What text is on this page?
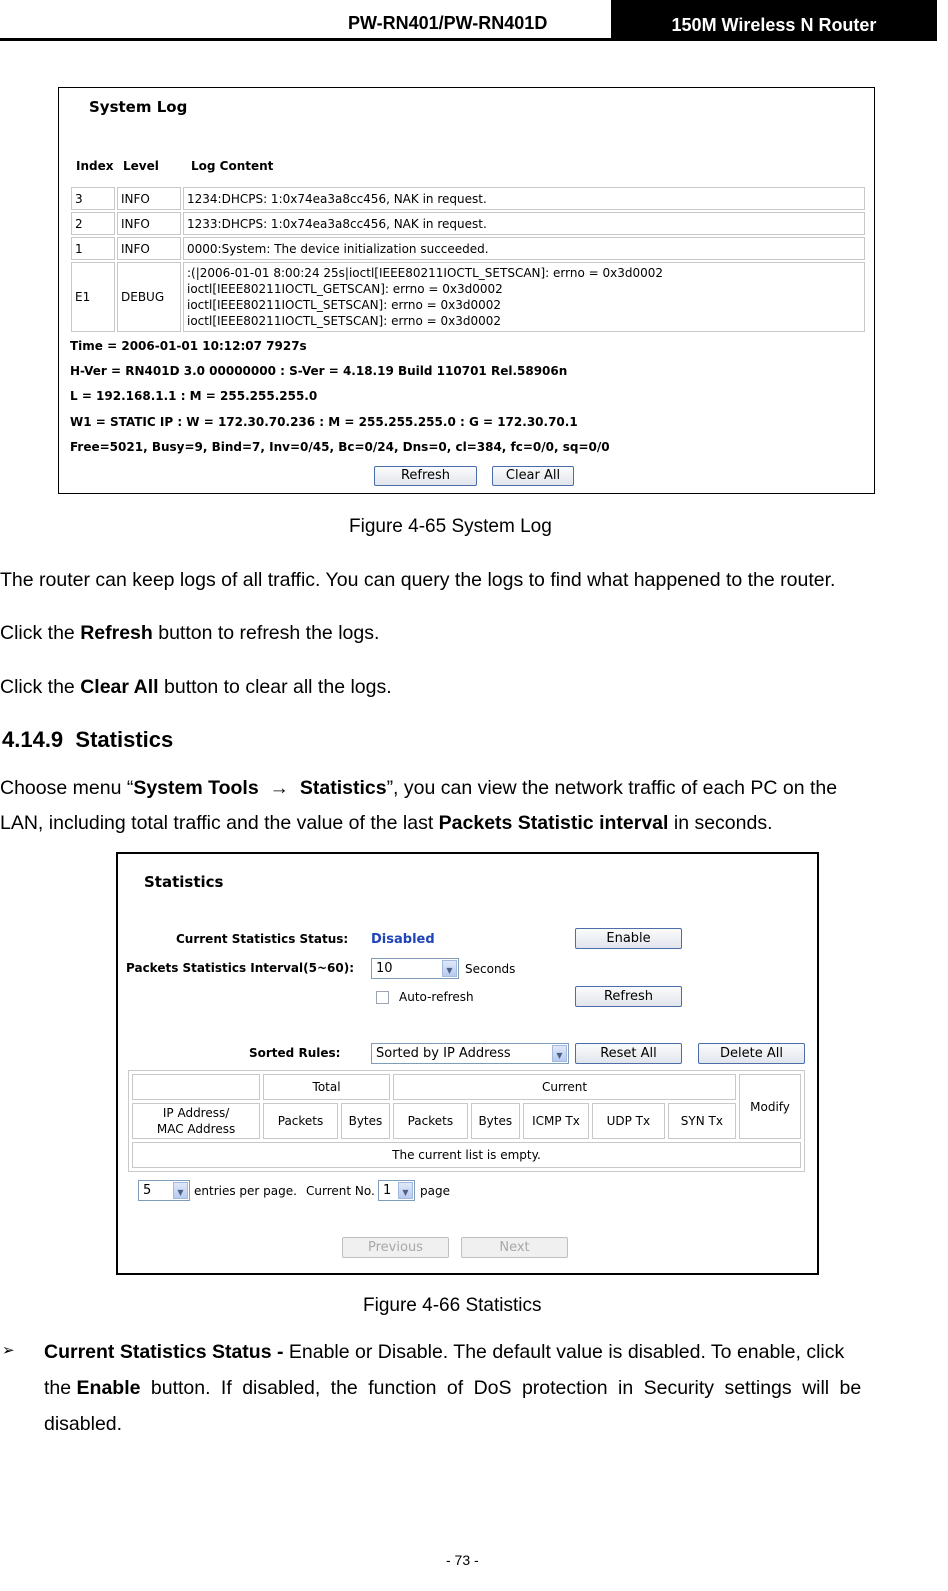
PW-RN401/PW-RN401D	150M Wireless N Router
System Log
Index Level	Log Content
3	INFO	1234:DHCPS: 1:0x74ea3a8cc456, NAK in request.
2	INFO	1233:DHCPS: 1:0x74ea3a8cc456, NAK in request.
1	INFO	0000:System: The device initialization succeeded.
E1	DEBUG	:(|2006-01-01 8:00:24 25s|ioctl[IEEE80211IOCTL_SETSCAN]: errno = 0x3d0002
ioctl[IEEE80211IOCTL_GETSCAN]: errno = 0x3d0002
ioctl[IEEE80211IOCTL_SETSCAN]: errno = 0x3d0002
ioctl[IEEE80211IOCTL_SETSCAN]: errno = 0x3d0002
Time = 2006-01-01 10:12:07 7927s
H-Ver = RN401D 3.0 00000000 : S-Ver = 4.18.19 Build 110701 Rel.58906n
L = 192.168.1.1 : M = 255.255.255.0
W1 = STATIC IP : W = 172.30.70.236 : M = 255.255.255.0 : G = 172.30.70.1
Free=5021, Busy=9, Bind=7, Inv=0/45, Bc=0/24, Dns=0, cl=384, fc=0/0, sq=0/0
Refresh	Clear All
Figure 4-65 System Log
The router can keep logs of all traffic. You can query the logs to find what happened to the router.
Click the Refresh button to refresh the logs.
Click the Clear All button to clear all the logs.
4.14.9 Statistics
Choose menu “System Tools → Statistics”, you can view the network traffic of each PC on the
LAN, including total traffic and the value of the last Packets Statistic interval in seconds.
Statistics
Current Statistics Status: Disabled	Enable
Packets Statistics Interval(5~60):	10	▼	Seconds
Auto-refresh	Refresh
Sorted Rules:	Sorted by IP Address	▼	Reset All	Delete All
	Total		Current					Modify

IP Address/
MAC Address	Packets	Bytes	Packets	Bytes	ICMP Tx	UDP Tx	SYN Tx	
The current list is empty.								
5	▼ entries per page. Current No. 1	▼ page
Previous	Next
Figure 4-66 Statistics
➢ Current Statistics Status - Enable or Disable. The default value is disabled. To enable, click
the Enable button. If disabled, the function of DoS protection in Security settings will be
disabled.
- 73 -
